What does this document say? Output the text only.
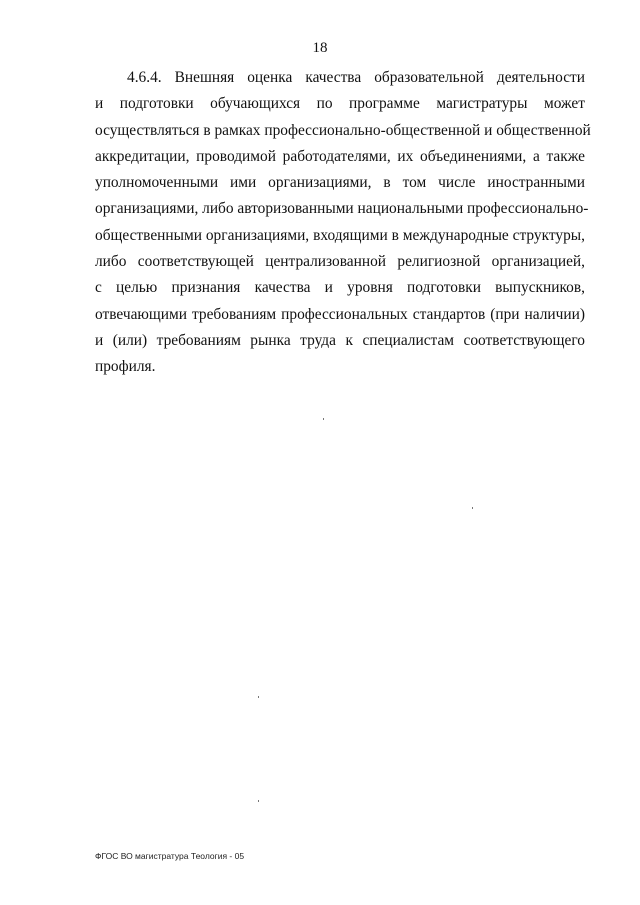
18

4.6.4. Внешняя оценка качества образовательной деятельности
и подготовки обучающихся по программе магистратуры может
осуществляться в рамках профессионально-общественной и общественной
аккредитации, проводимой работодателями, их объединениями, а также
уполномоченными ими организациями, в том числе иностранными
организациями, либо авторизованными национальными профессионально-
общественными организациями, входящими в международные структуры,
либо соответствующей централизованной религиозной организацией,
с целью признания качества и уровня подготовки выпускников,
отвечающими требованиям профессиональных стандартов (при наличии)
и (или) требованиям рынка труда к специалистам соответствующего
профиля.

ФГОС ВО магистратура Теология - 05
